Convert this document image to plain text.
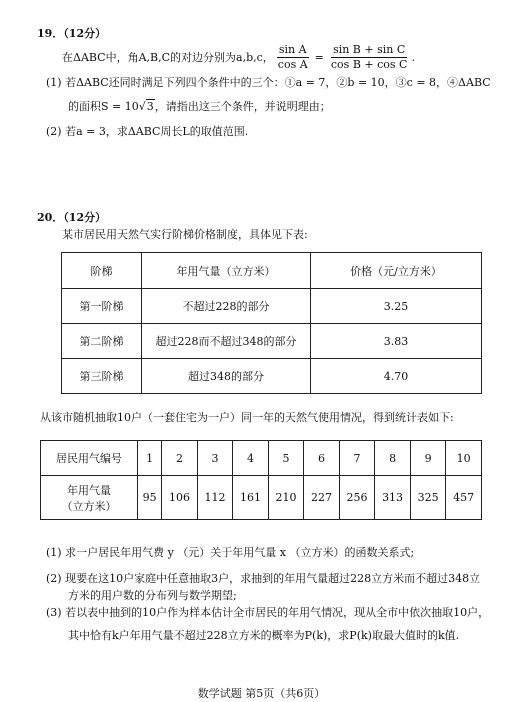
19．（12分）
在ΔABC中，角A,B,C的对边分别为a,b,c， $\frac{\text{sin A}}{\text{cos A}} = \frac{\text{sin B + sin C}}{\text{cos B + cos C}}$ .
(1) 若ΔABC还同时满足下列四个条件中的三个：①a = 7，②b = 10，③c = 8，④ΔABC
的面积S = 10√3，请指出这三个条件，并说明理由；
(2) 若a = 3，求ΔABC周长L的取值范围.
20．（12分）
某市居民用天然气实行阶梯价格制度，具体见下表:
阶梯	年用气量（立方米）	价格（元/立方米）
第一阶梯	不超过228的部分	3.25
第二阶梯	超过228而不超过348的部分	3.83
第三阶梯	超过348的部分	4.70
从该市随机抽取10户（一套住宅为一户）同一年的天然气使用情况，得到统计表如下:
居民用气编号	1	2	3	4	5	6	7	8	9	10

年用气量
（立方米）	95	106	112	161	210	227	256	313	325	457
(1) 求一户居民年用气费 y （元）关于年用气量 x （立方米）的函数关系式;
(2) 现要在这10户家庭中任意抽取3户，求抽到的年用气量超过228立方米而不超过348立
方米的用户数的分布列与数学期望;
(3) 若以表中抽到的10户作为样本估计全市居民的年用气情况，现从全市中依次抽取10户，
其中恰有k户年用气量不超过228立方米的概率为P(k)，求P(k)取最大值时的k值.
数学试题 第5页（共6页）
